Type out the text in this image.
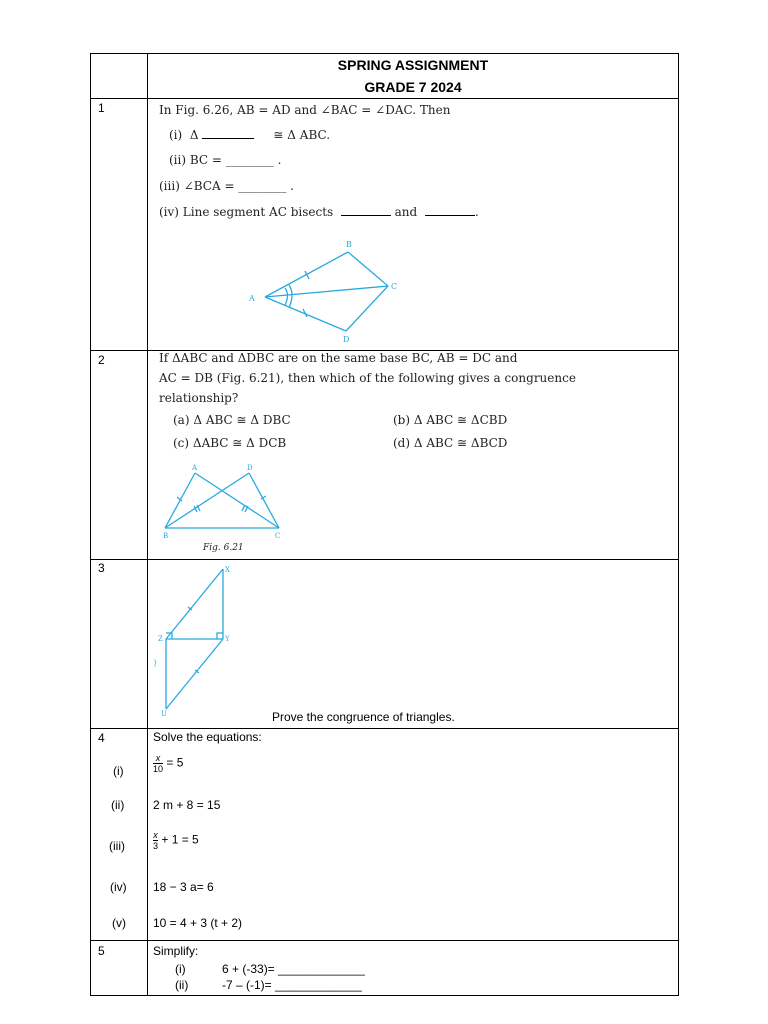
SPRING ASSIGNMENT
GRADE 7 2024
1	In Fig. 6.26, AB = AD and ∠BAC = ∠DAC. Then
(i) Δ	≅ Δ ABC.
(ii) BC = ________ .
(iii) ∠BCA = ________ .
(iv) Line segment AC bisects	and	.
A
B
C
D
2	If ΔABC and ΔDBC are on the same base BC, AB = DC and
AC = DB (Fig. 6.21), then which of the following gives a congruence
relationship?
(a) Δ ABC ≅ Δ DBC	(b) Δ ABC ≅ ΔCBD
(c) ΔABC ≅ Δ DCB	(d) Δ ABC ≅ ΔBCD
A	D
B	C
Fig. 6.21
3	X
Z	Y
U
}
Prove the congruence of triangles.
4	Solve the equations:
(i)	$\frac{x}{10} = 5$
(ii) 2 m + 8 = 15
(iii)	$\frac{x}{3} + 1 = 5$
(iv) 18 − 3 a= 6
(v) 10 = 4 + 3 (t + 2)
5	Simplify:
(i)	6 + (-33)= _____________
(ii)	-7 – (-1)= _____________
